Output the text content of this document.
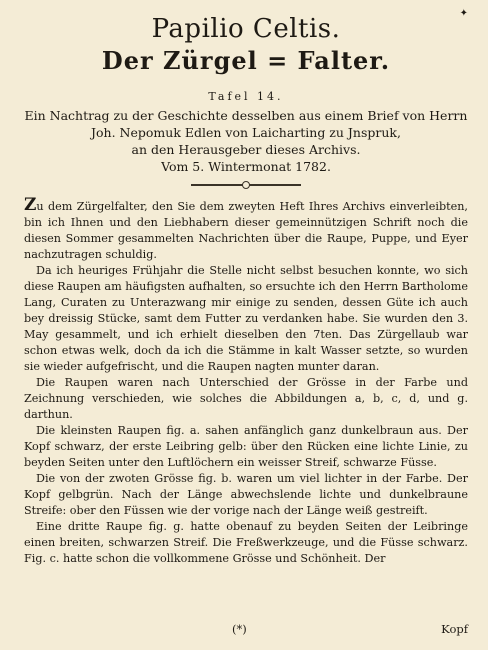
✦
Papilio Celtis.
Der Zürgel = Falter.
Tafel 14.
Ein Nachtrag zu der Geschichte desselben aus einem Brief von Herrn
Joh. Nepomuk Edlen von Laicharting zu Jnspruk,
an den Herausgeber dieses Archivs.
Vom 5. Wintermonat 1782.

Zu dem Zürgelfalter, den Sie dem zweyten Heft Ihres Archivs einverleibten, bin ich Ihnen und den Liebhabern dieser gemeinnützigen Schrift noch die diesen Sommer gesammelten Nachrichten über die Raupe, Puppe, und Eyer nachzutragen schuldig.

Da ich heuriges Frühjahr die Stelle nicht selbst besuchen konnte, wo sich diese Raupen am häufigsten aufhalten, so ersuchte ich den Herrn Bartholome Lang, Curaten zu Unterazwang mir einige zu senden, dessen Güte ich auch bey dreissig Stücke, samt dem Futter zu verdanken habe. Sie wurden den 3. May gesammelt, und ich erhielt dieselben den 7ten. Das Zürgellaub war schon etwas welk, doch da ich die Stämme in kalt Wasser setzte, so wurden sie wieder aufgefrischt, und die Raupen nagten munter daran.

Die Raupen waren nach Unterschied der Grösse in der Farbe und Zeichnung verschieden, wie solches die Abbildungen a, b, c, d, und g. darthun.

Die kleinsten Raupen fig. a. sahen anfänglich ganz dunkelbraun aus. Der Kopf schwarz, der erste Leibring gelb: über den Rücken eine lichte Linie, zu beyden Seiten unter den Luftlöchern ein weisser Streif, schwarze Füsse.

Die von der zwoten Grösse fig. b. waren um viel lichter in der Farbe. Der Kopf gelbgrün. Nach der Länge abwechslende lichte und dunkelbraune Streife: ober den Füssen wie der vorige nach der Länge weiß gestreift.

Eine dritte Raupe fig. g. hatte obenauf zu beyden Seiten der Leibringe einen breiten, schwarzen Streif. Die Freßwerkzeuge, und die Füsse schwarz. Fig. c. hatte schon die vollkommene Grösse und Schönheit. Der

(*)	Kopf
